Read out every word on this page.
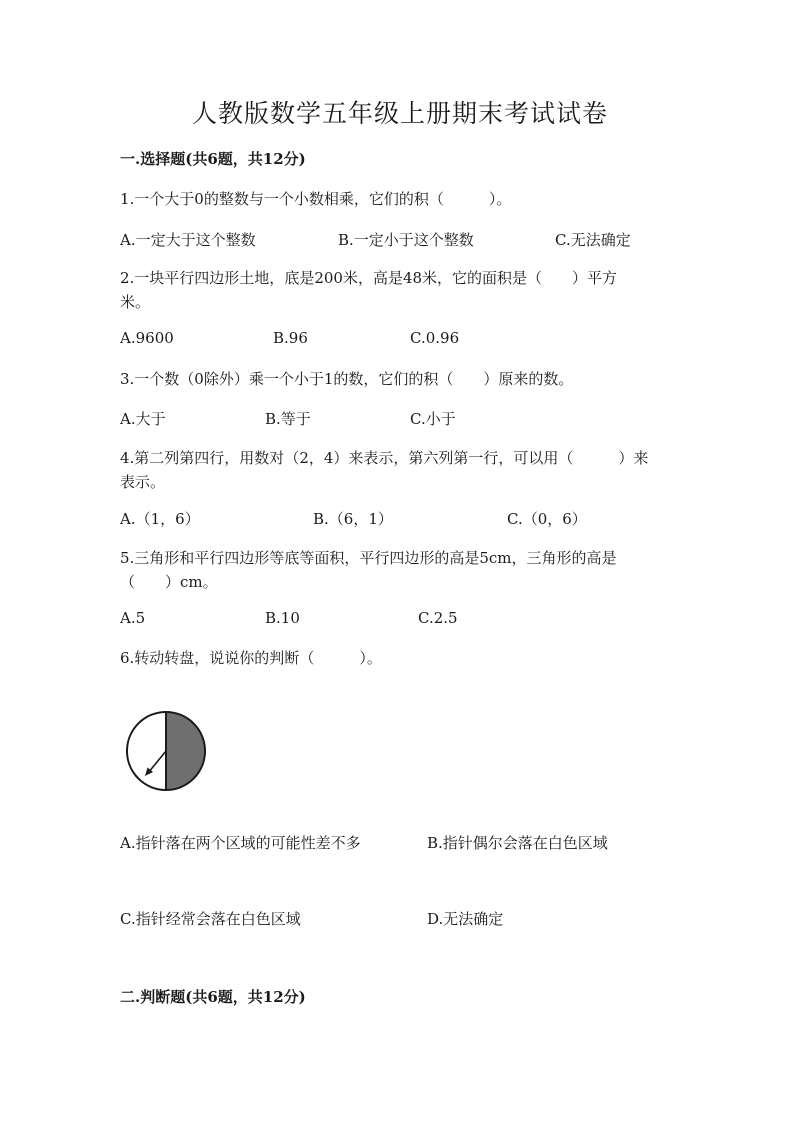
人教版数学五年级上册期末考试试卷
一.选择题(共6题，共12分)
1.一个大于0的整数与一个小数相乘，它们的积（　　　）。
A.一定大于这个整数	B.一定小于这个整数	C.无法确定
2.一块平行四边形土地，底是200米，高是48米，它的面积是（　　）平方
米。
A.9600	B.96	C.0.96
3.一个数（0除外）乘一个小于1的数，它们的积（　　）原来的数。
A.大于	B.等于	C.小于
4.第二列第四行，用数对（2，4）来表示，第六列第一行，可以用（　　　）来
表示。
A.（1，6）	B.（6，1）	C.（0，6）
5.三角形和平行四边形等底等面积，平行四边形的高是5cm，三角形的高是
（　　）cm。
A.5	B.10	C.2.5
6.转动转盘，说说你的判断（　　　）。
A.指针落在两个区域的可能性差不多	B.指针偶尔会落在白色区域
C.指针经常会落在白色区域	D.无法确定
二.判断题(共6题，共12分)
